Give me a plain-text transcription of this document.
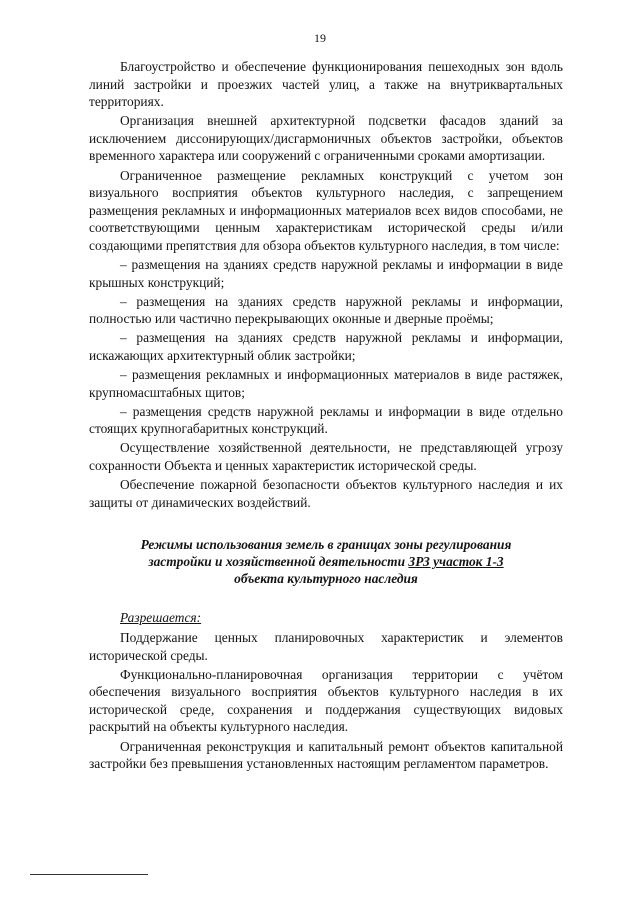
19

Благоустройство и обеспечение функционирования пешеходных зон вдоль линий застройки и проезжих частей улиц, а также на внутриквартальных территориях.

Организация внешней архитектурной подсветки фасадов зданий за исключением диссонирующих/дисгармоничных объектов застройки, объектов временного характера или сооружений с ограниченными сроками амортизации.

Ограниченное размещение рекламных конструкций с учетом зон визуального восприятия объектов культурного наследия, с запрещением размещения рекламных и информационных материалов всех видов способами, не соответствующими ценным характеристикам исторической среды и/или создающими препятствия для обзора объектов культурного наследия, в том числе:

– размещения на зданиях средств наружной рекламы и информации в виде крышных конструкций;

– размещения на зданиях средств наружной рекламы и информации, полностью или частично перекрывающих оконные и дверные проёмы;

– размещения на зданиях средств наружной рекламы и информации, искажающих архитектурный облик застройки;

– размещения рекламных и информационных материалов в виде растяжек, крупномасштабных щитов;

– размещения средств наружной рекламы и информации в виде отдельно стоящих крупногабаритных конструкций.

Осуществление хозяйственной деятельности, не представляющей угрозу сохранности Объекта и ценных характеристик исторической среды.

Обеспечение пожарной безопасности объектов культурного наследия и их защиты от динамических воздействий.

Режимы использования земель в границах зоны регулирования
застройки и хозяйственной деятельности ЗРЗ участок 1-3
объекта культурного наследия
Разрешается:

Поддержание ценных планировочных характеристик и элементов исторической среды.

Функционально-планировочная организация территории с учётом обеспечения визуального восприятия объектов культурного наследия в их исторической среде, сохранения и поддержания существующих видовых раскрытий на объекты культурного наследия.

Ограниченная реконструкция и капитальный ремонт объектов капитальной застройки без превышения установленных настоящим регламентом параметров.
